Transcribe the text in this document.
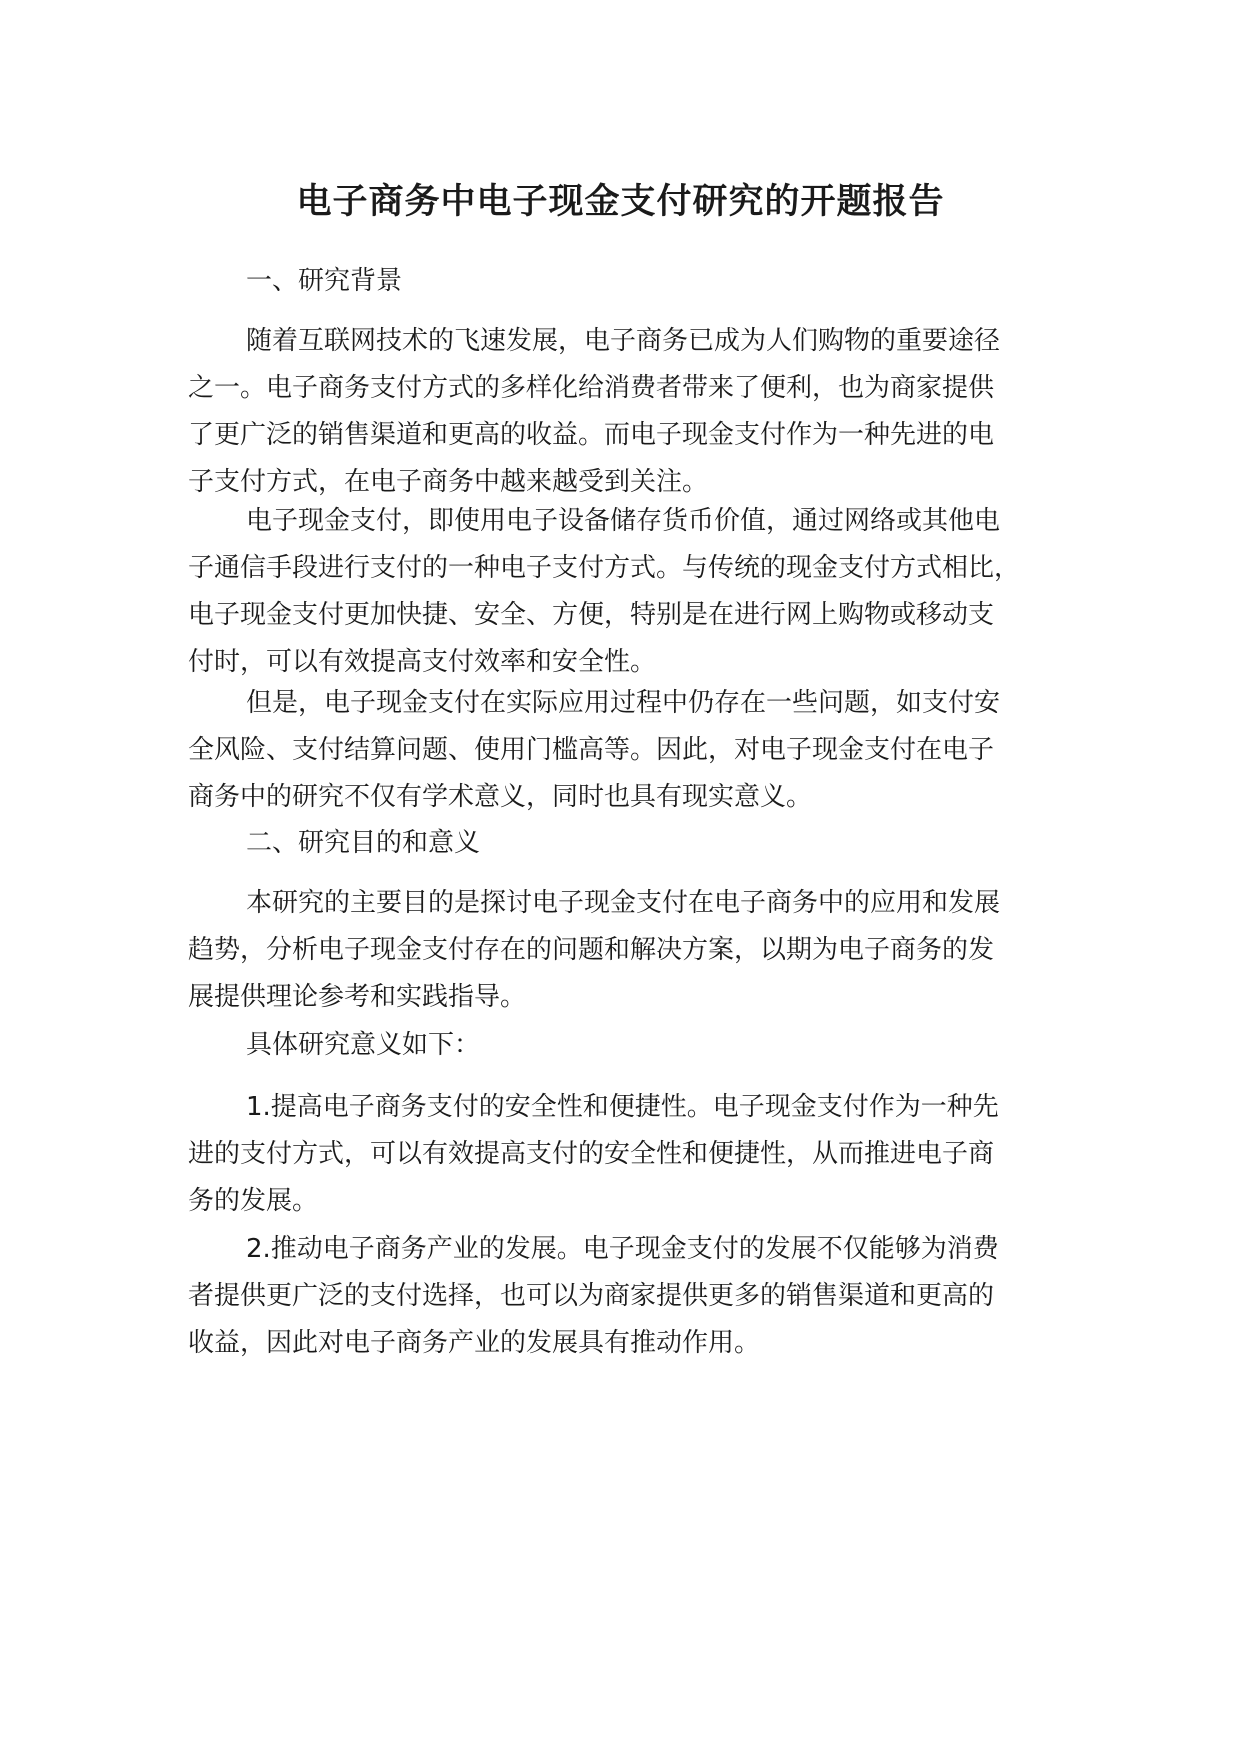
电子商务中电子现金支付研究的开题报告

一、研究背景

随着互联网技术的飞速发展，电子商务已成为人们购物的重要途径
之一。电子商务支付方式的多样化给消费者带来了便利，也为商家提供
了更广泛的销售渠道和更高的收益。而电子现金支付作为一种先进的电
子支付方式，在电子商务中越来越受到关注。

电子现金支付，即使用电子设备储存货币价值，通过网络或其他电
子通信手段进行支付的一种电子支付方式。与传统的现金支付方式相比，
电子现金支付更加快捷、安全、方便，特别是在进行网上购物或移动支
付时，可以有效提高支付效率和安全性。

但是，电子现金支付在实际应用过程中仍存在一些问题，如支付安
全风险、支付结算问题、使用门槛高等。因此，对电子现金支付在电子
商务中的研究不仅有学术意义，同时也具有现实意义。

二、研究目的和意义

本研究的主要目的是探讨电子现金支付在电子商务中的应用和发展
趋势，分析电子现金支付存在的问题和解决方案，以期为电子商务的发
展提供理论参考和实践指导。

具体研究意义如下：

1.提高电子商务支付的安全性和便捷性。电子现金支付作为一种先
进的支付方式，可以有效提高支付的安全性和便捷性，从而推进电子商
务的发展。

2.推动电子商务产业的发展。电子现金支付的发展不仅能够为消费
者提供更广泛的支付选择，也可以为商家提供更多的销售渠道和更高的
收益，因此对电子商务产业的发展具有推动作用。
